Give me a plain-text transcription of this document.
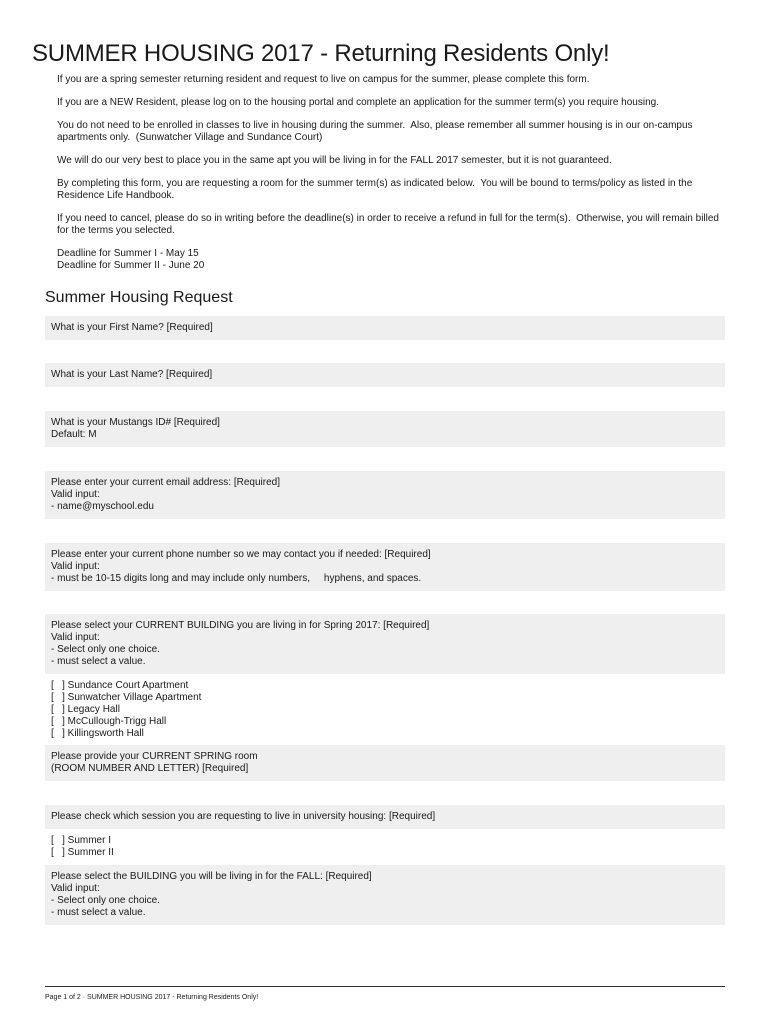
SUMMER HOUSING 2017 - Returning Residents Only!

If you are a spring semester returning resident and request to live on campus for the summer, please complete this form.

If you are a NEW Resident, please log on to the housing portal and complete an application for the summer term(s) you require housing.

You do not need to be enrolled in classes to live in housing during the summer.  Also, please remember all summer housing is in our on-campus
apartments only.  (Sunwatcher Village and Sundance Court)

We will do our very best to place you in the same apt you will be living in for the FALL 2017 semester, but it is not guaranteed.

By completing this form, you are requesting a room for the summer term(s) as indicated below.  You will be bound to terms/policy as listed in the
Residence Life Handbook.

If you need to cancel, please do so in writing before the deadline(s) in order to receive a refund in full for the term(s).  Otherwise, you will remain billed
for the terms you selected.

Deadline for Summer I - May 15

Deadline for Summer II - June 20

Summer Housing Request
What is your First Name? [Required]
What is your Last Name? [Required]
What is your Mustangs ID# [Required]
Default: M
Please enter your current email address: [Required]
Valid input:
- name@myschool.edu
Please enter your current phone number so we may contact you if needed: [Required]
Valid input:
- must be 10-15 digits long and may include only numbers,     hyphens, and spaces.
Please select your CURRENT BUILDING you are living in for Spring 2017: [Required]
Valid input:
- Select only one choice.
- must select a value.
[   ] Sundance Court Apartment
[   ] Sunwatcher Village Apartment
[   ] Legacy Hall
[   ] McCullough-Trigg Hall
[   ] Killingsworth Hall
Please provide your CURRENT SPRING room
(ROOM NUMBER AND LETTER) [Required]
Please check which session you are requesting to live in university housing: [Required]
[   ] Summer I
[   ] Summer II
Please select the BUILDING you will be living in for the FALL: [Required]
Valid input:
- Select only one choice.
- must select a value.
Page 1 of 2 · SUMMER HOUSING 2017 - Returning Residents Only!
